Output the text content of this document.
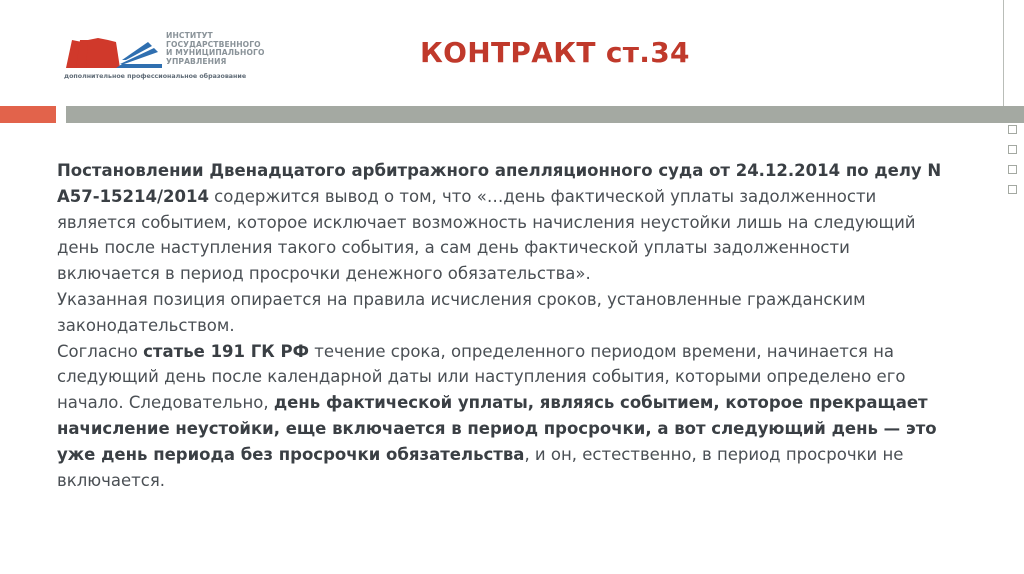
ИНСТИТУТ
ГОСУДАРСТВЕННОГО
И МУНИЦИПАЛЬНОГО
УПРАВЛЕНИЯ
дополнительное профессиональное образование
КОНТРАКТ ст.34

Постановлении Двенадцатого арбитражного апелляционного суда от 24.12.2014 по делу N А57-15214/2014 содержится вывод о том, что «…день фактической уплаты задолженности является событием, которое исключает возможность начисления неустойки лишь на следующий день после наступления такого события, а сам день фактической уплаты задолженности включается в период просрочки денежного обязательства».

Указанная позиция опирается на правила исчисления сроков, установленные гражданским законодательством.

Согласно статье 191 ГК РФ течение срока, определенного периодом времени, начинается на следующий день после календарной даты или наступления события, которыми определено его начало. Следовательно, день фактической уплаты, являясь событием, которое прекращает начисление неустойки, еще включается в период просрочки, а вот следующий день — это уже день периода без просрочки обязательства, и он, естественно, в период просрочки не включается.
